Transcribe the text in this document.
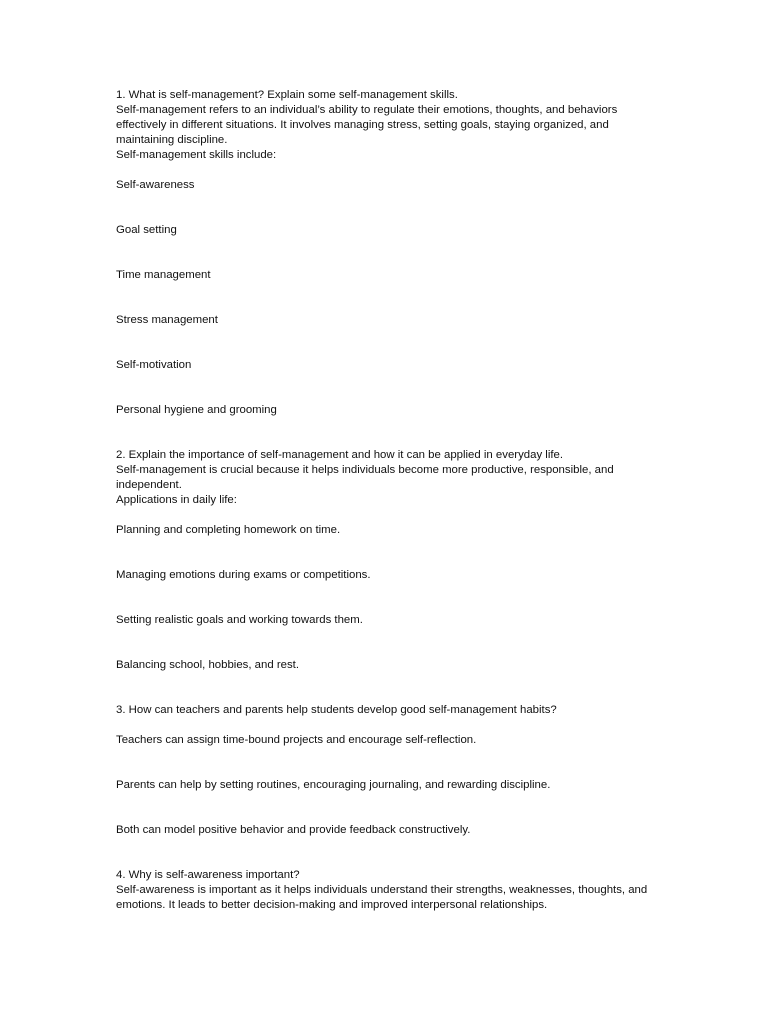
1. What is self-management? Explain some self-management skills.

Self-management refers to an individual’s ability to regulate their emotions, thoughts, and behaviors effectively in different situations. It involves managing stress, setting goals, staying organized, and maintaining discipline.

Self-management skills include:

Self-awareness

Goal setting

Time management

Stress management

Self-motivation

Personal hygiene and grooming

2. Explain the importance of self-management and how it can be applied in everyday life.

Self-management is crucial because it helps individuals become more productive, responsible, and independent.

Applications in daily life:

Planning and completing homework on time.

Managing emotions during exams or competitions.

Setting realistic goals and working towards them.

Balancing school, hobbies, and rest.

3. How can teachers and parents help students develop good self-management habits?

Teachers can assign time-bound projects and encourage self-reflection.

Parents can help by setting routines, encouraging journaling, and rewarding discipline.

Both can model positive behavior and provide feedback constructively.

4. Why is self-awareness important?

Self-awareness is important as it helps individuals understand their strengths, weaknesses, thoughts, and emotions. It leads to better decision-making and improved interpersonal relationships.
